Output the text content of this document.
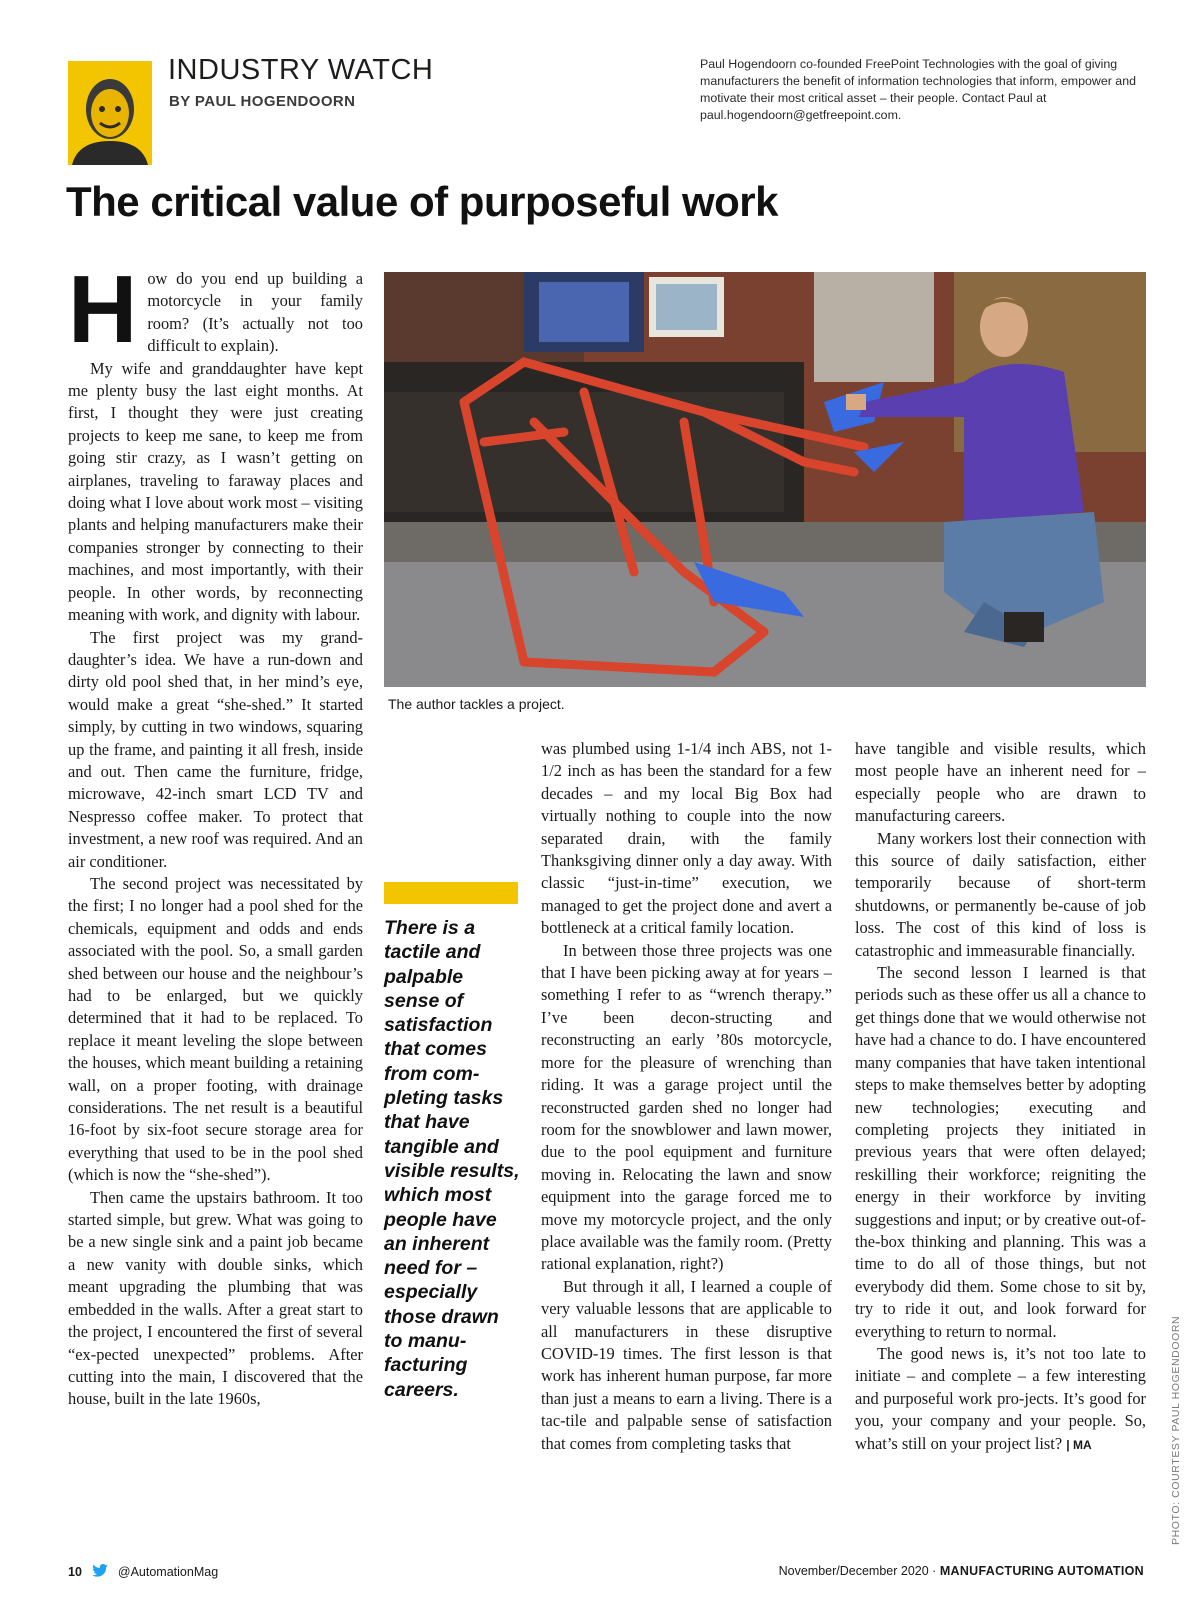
INDUSTRY WATCH
BY PAUL HOGENDOORN

Paul Hogendoorn co-founded FreePoint Technologies with the goal of giving manufacturers the benefit of information technologies that inform, empower and motivate their most critical asset – their people. Contact Paul at paul.hogendoorn@getfreepoint.com.

The critical value of purposeful work

How do you end up building a motorcycle in your family room? (It’s actually not too difficult to explain).

My wife and granddaughter have kept me plenty busy the last eight months. At first, I thought they were just creating projects to keep me sane, to keep me from going stir crazy, as I wasn’t getting on airplanes, traveling to faraway places and doing what I love about work most – visiting plants and helping manufacturers make their companies stronger by connecting to their machines, and most importantly, with their people. In other words, by reconnecting meaning with work, and dignity with labour.

The first project was my grand-daughter’s idea. We have a run-down and dirty old pool shed that, in her mind’s eye, would make a great “she-shed.” It started simply, by cutting in two windows, squaring up the frame, and painting it all fresh, inside and out. Then came the furniture, fridge, microwave, 42-inch smart LCD TV and Nespresso coffee maker. To protect that investment, a new roof was required. And an air conditioner.

The second project was necessitated by the first; I no longer had a pool shed for the chemicals, equipment and odds and ends associated with the pool. So, a small garden shed between our house and the neighbour’s had to be enlarged, but we quickly determined that it had to be replaced. To replace it meant leveling the slope between the houses, which meant building a retaining wall, on a proper footing, with drainage considerations. The net result is a beautiful 16-foot by six-foot secure storage area for everything that used to be in the pool shed (which is now the “she-shed”).

Then came the upstairs bathroom. It too started simple, but grew. What was going to be a new single sink and a paint job became a new vanity with double sinks, which meant upgrading the plumbing that was embedded in the walls. After a great start to the project, I encountered the first of several “ex-pected unexpected” problems. After cutting into the main, I discovered that the house, built in the late 1960s,

The author tackles a project.

There is a tactile and palpable sense of satisfaction that comes from com-pleting tasks that have tangible and visible results, which most people have an inherent need for – especially those drawn to manu-facturing careers.

was plumbed using 1-1/4 inch ABS, not 1-1/2 inch as has been the standard for a few decades – and my local Big Box had virtually nothing to couple into the now separated drain, with the family Thanksgiving dinner only a day away. With classic “just-in-time” execution, we managed to get the project done and avert a bottleneck at a critical family location.

In between those three projects was one that I have been picking away at for years – something I refer to as “wrench therapy.” I’ve been decon-structing and reconstructing an early ’80s motorcycle, more for the pleasure of wrenching than riding. It was a garage project until the reconstructed garden shed no longer had room for the snowblower and lawn mower, due to the pool equipment and furniture moving in. Relocating the lawn and snow equipment into the garage forced me to move my motorcycle project, and the only place available was the family room. (Pretty rational explanation, right?)

But through it all, I learned a couple of very valuable lessons that are applicable to all manufacturers in these disruptive COVID-19 times. The first lesson is that work has inherent human purpose, far more than just a means to earn a living. There is a tac-tile and palpable sense of satisfaction that comes from completing tasks that

have tangible and visible results, which most people have an inherent need for – especially people who are drawn to manufacturing careers.

Many workers lost their connection with this source of daily satisfaction, either temporarily because of short-term shutdowns, or permanently be-cause of job loss. The cost of this kind of loss is catastrophic and immeasurable financially.

The second lesson I learned is that periods such as these offer us all a chance to get things done that we would otherwise not have had a chance to do. I have encountered many companies that have taken intentional steps to make themselves better by adopting new technologies; executing and completing projects they initiated in previous years that were often delayed; reskilling their workforce; reigniting the energy in their workforce by inviting suggestions and input; or by creative out-of-the-box thinking and planning. This was a time to do all of those things, but not everybody did them. Some chose to sit by, try to ride it out, and look forward for everything to return to normal.

The good news is, it’s not too late to initiate – and complete – a few interesting and purposeful work pro-jects. It’s good for you, your company and your people. So, what’s still on your project list? | MA	PHOTO: COURTESY PAUL HOGENDOORN
10	@AutomationMag	November/December 2020 · MANUFACTURING AUTOMATION
